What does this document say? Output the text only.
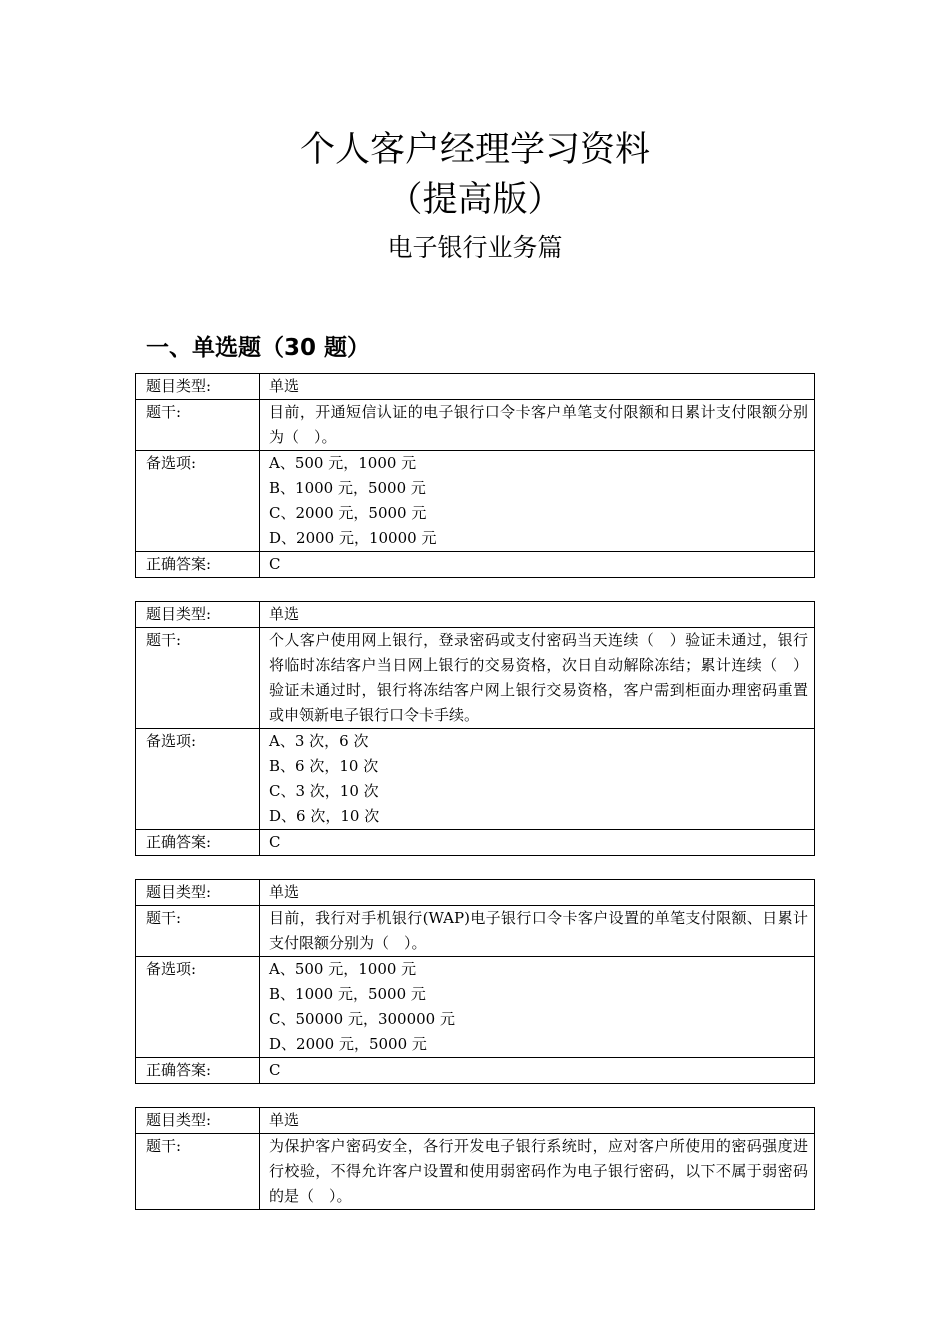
个人客户经理学习资料
（提高版）
电子银行业务篇
一、单选题（30 题）
题目类型:	单选
题干:	目前，开通短信认证的电子银行口令卡客户单笔支付限额和日累计支付限额分别为（　）。
备选项:	A、500 元，1000 元
B、1000 元，5000 元
C、2000 元，5000 元
D、2000 元，10000 元

正确答案:	C
题目类型:	单选
题干:	个人客户使用网上银行，登录密码或支付密码当天连续（　）验证未通过，银行将临时冻结客户当日网上银行的交易资格，次日自动解除冻结；累计连续（　）验证未通过时，银行将冻结客户网上银行交易资格，客户需到柜面办理密码重置或申领新电子银行口令卡手续。
备选项:	A、3 次，6 次
B、6 次，10 次
C、3 次，10 次
D、6 次，10 次

正确答案:	C
题目类型:	单选
题干:	目前，我行对手机银行(WAP)电子银行口令卡客户设置的单笔支付限额、日累计支付限额分别为（　）。
备选项:	A、500 元，1000 元
B、1000 元，5000 元
C、50000 元，300000 元
D、2000 元，5000 元

正确答案:	C
题目类型:	单选
题干:	为保护客户密码安全，各行开发电子银行系统时，应对客户所使用的密码强度进行校验，不得允许客户设置和使用弱密码作为电子银行密码，以下不属于弱密码的是（　）。
